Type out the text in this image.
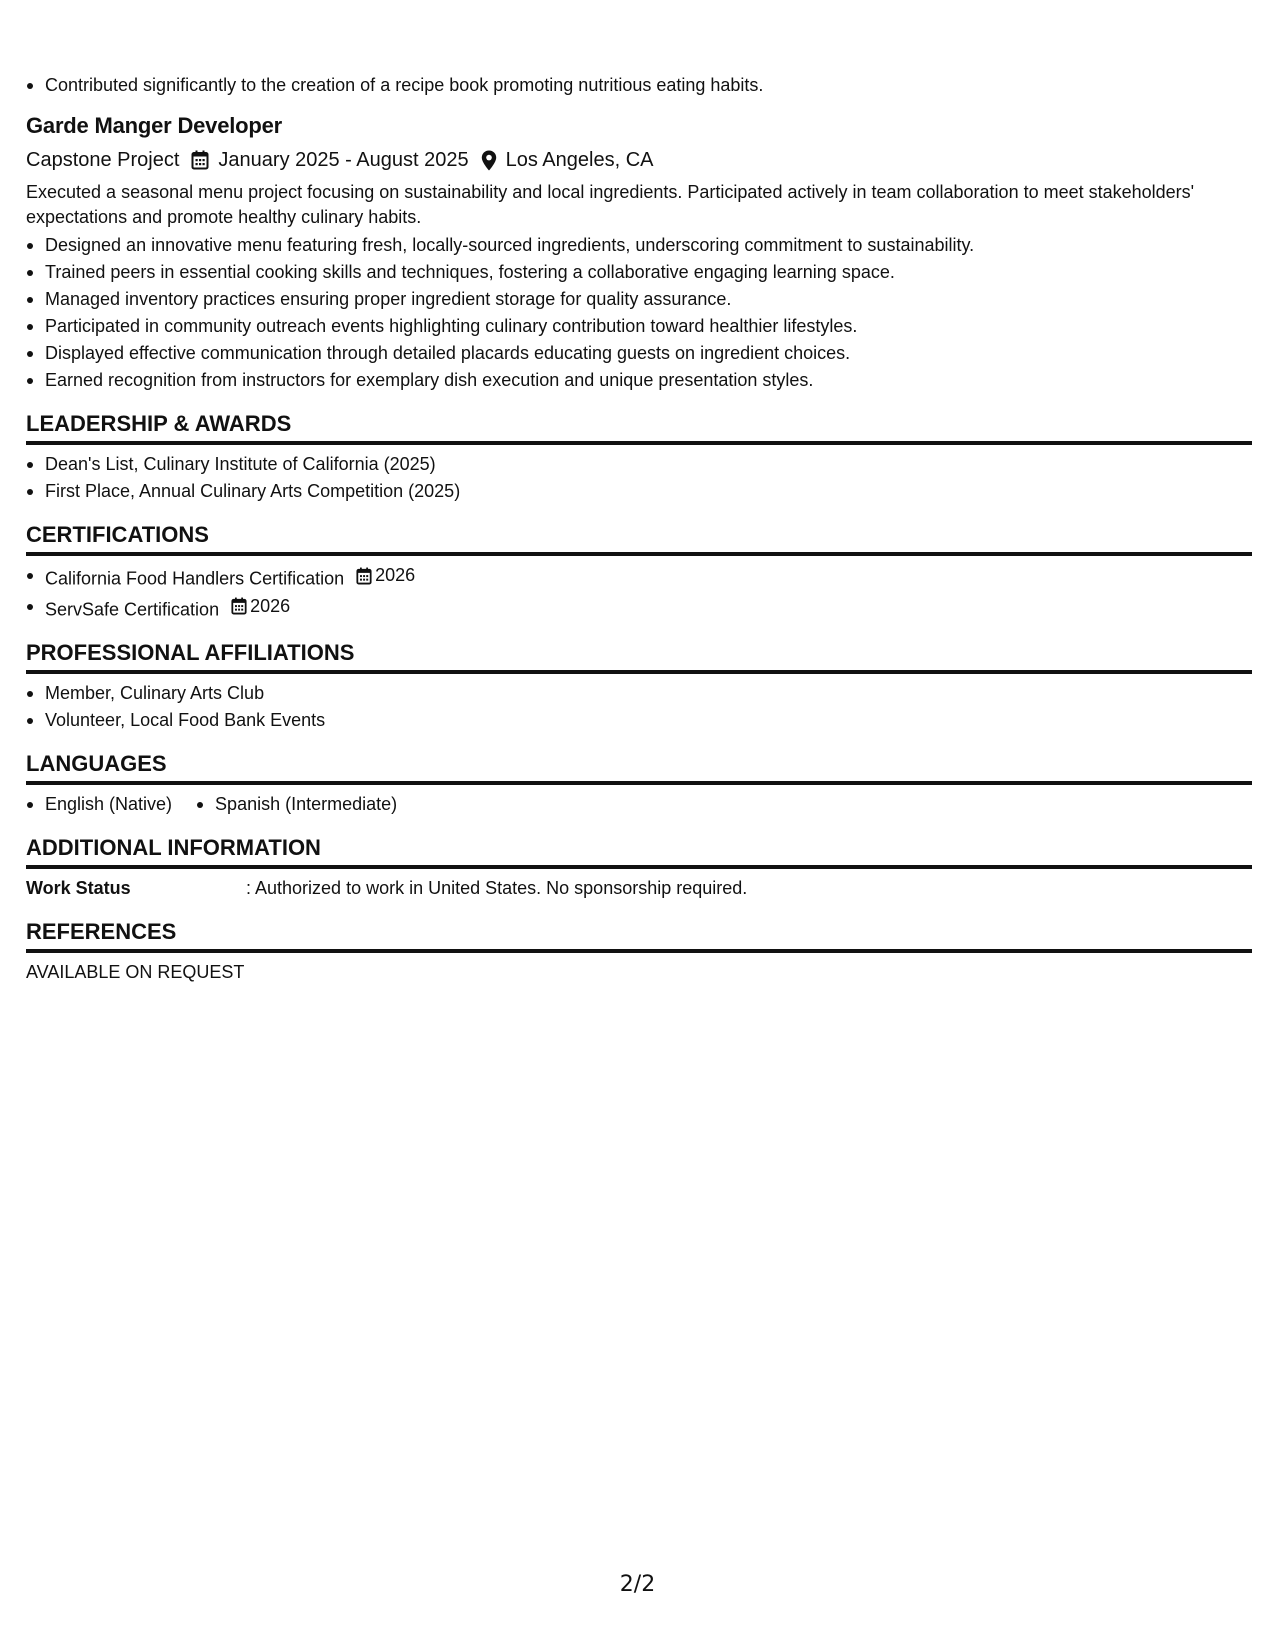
Contributed significantly to the creation of a recipe book promoting nutritious eating habits.
Garde Manger Developer
Capstone Project January 2025 - August 2025 Los Angeles, CA
Executed a seasonal menu project focusing on sustainability and local ingredients. Participated actively in team collaboration to meet stakeholders' expectations and promote healthy culinary habits.
Designed an innovative menu featuring fresh, locally-sourced ingredients, underscoring commitment to sustainability.
Trained peers in essential cooking skills and techniques, fostering a collaborative engaging learning space.
Managed inventory practices ensuring proper ingredient storage for quality assurance.
Participated in community outreach events highlighting culinary contribution toward healthier lifestyles.
Displayed effective communication through detailed placards educating guests on ingredient choices.
Earned recognition from instructors for exemplary dish execution and unique presentation styles.
LEADERSHIP & AWARDS
Dean's List, Culinary Institute of California (2025)
First Place, Annual Culinary Arts Competition (2025)
CERTIFICATIONS
California Food Handlers Certification 2026
ServSafe Certification 2026
PROFESSIONAL AFFILIATIONS
Member, Culinary Arts Club
Volunteer, Local Food Bank Events
LANGUAGES
English (Native)	Spanish (Intermediate)
ADDITIONAL INFORMATION
Work Status	: Authorized to work in United States. No sponsorship required.
REFERENCES
AVAILABLE ON REQUEST
2/2
